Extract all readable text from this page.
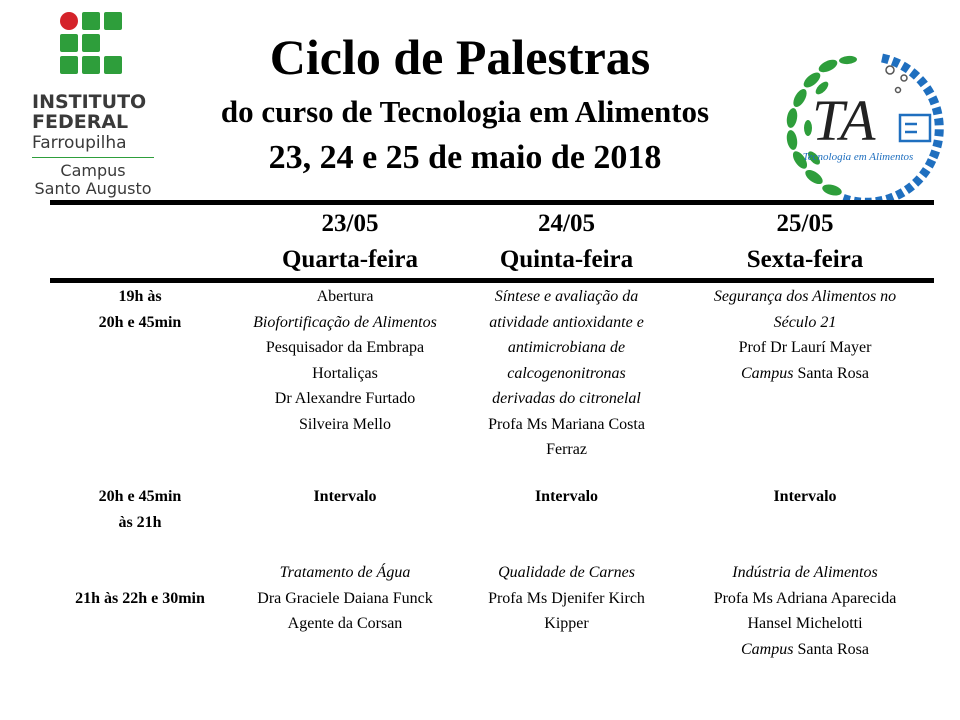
INSTITUTO
FEDERAL
Farroupilha
Campus
Santo Augusto
Ciclo de Palestras
do curso de Tecnologia em Alimentos
23, 24 e 25 de maio de 2018
TA
Tecnologia em Alimentos
23/05
Quarta-feira
24/05
Quinta-feira
25/05
Sexta-feira
19h às
20h e 45min
Abertura
Biofortificação de Alimentos
Pesquisador da Embrapa
Hortaliças
Dr Alexandre Furtado
Silveira Mello
Síntese e avaliação da
atividade antioxidante e
antimicrobiana de
calcogenonitronas
derivadas do citronelal
Profa Ms Mariana Costa
Ferraz
Segurança dos Alimentos no
Século 21
Prof Dr Laurí Mayer
Campus Santa Rosa
20h e 45min
às 21h
Intervalo	Intervalo	Intervalo
21h às 22h e 30min
Tratamento de Água
Dra Graciele Daiana Funck
Agente da Corsan
Qualidade de Carnes
Profa Ms Djenifer Kirch
Kipper
Indústria de Alimentos
Profa Ms Adriana Aparecida
Hansel Michelotti
Campus Santa Rosa
